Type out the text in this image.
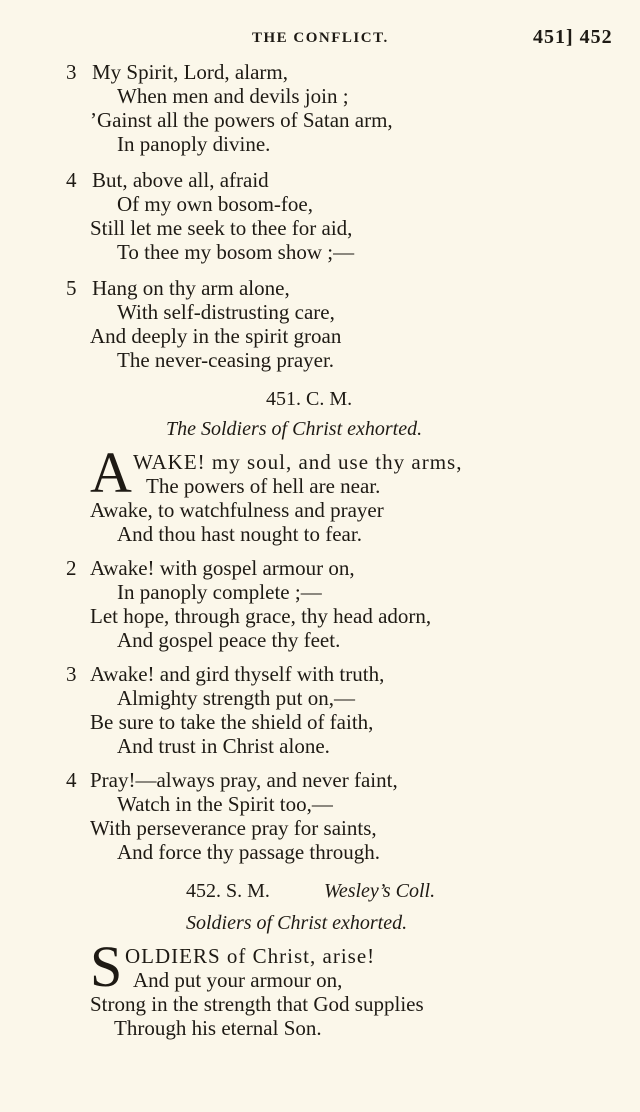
THE CONFLICT.	451] 452
3 My Spirit, Lord, alarm,
When men and devils join ;
’Gainst all the powers of Satan arm,
In panoply divine.
4 But, above all, afraid
Of my own bosom-foe,
Still let me seek to thee for aid,
To thee my bosom show ;—
5 Hang on thy arm alone,
With self-distrusting care,
And deeply in the spirit groan
The never-ceasing prayer.
451. C. M.
The Soldiers of Christ exhorted.
A WAKE! my soul, and use thy arms,
The powers of hell are near.
Awake, to watchfulness and prayer
And thou hast nought to fear.
2 Awake! with gospel armour on,
In panoply complete ;—
Let hope, through grace, thy head adorn,
And gospel peace thy feet.
3 Awake! and gird thyself with truth,
Almighty strength put on,—
Be sure to take the shield of faith,
And trust in Christ alone.
4 Pray!—always pray, and never faint,
Watch in the Spirit too,—
With perseverance pray for saints,
And force thy passage through.
452. S. M.	Wesley’s Coll.
Soldiers of Christ exhorted.
S OLDIERS of Christ, arise!
And put your armour on,
Strong in the strength that God supplies
Through his eternal Son.
